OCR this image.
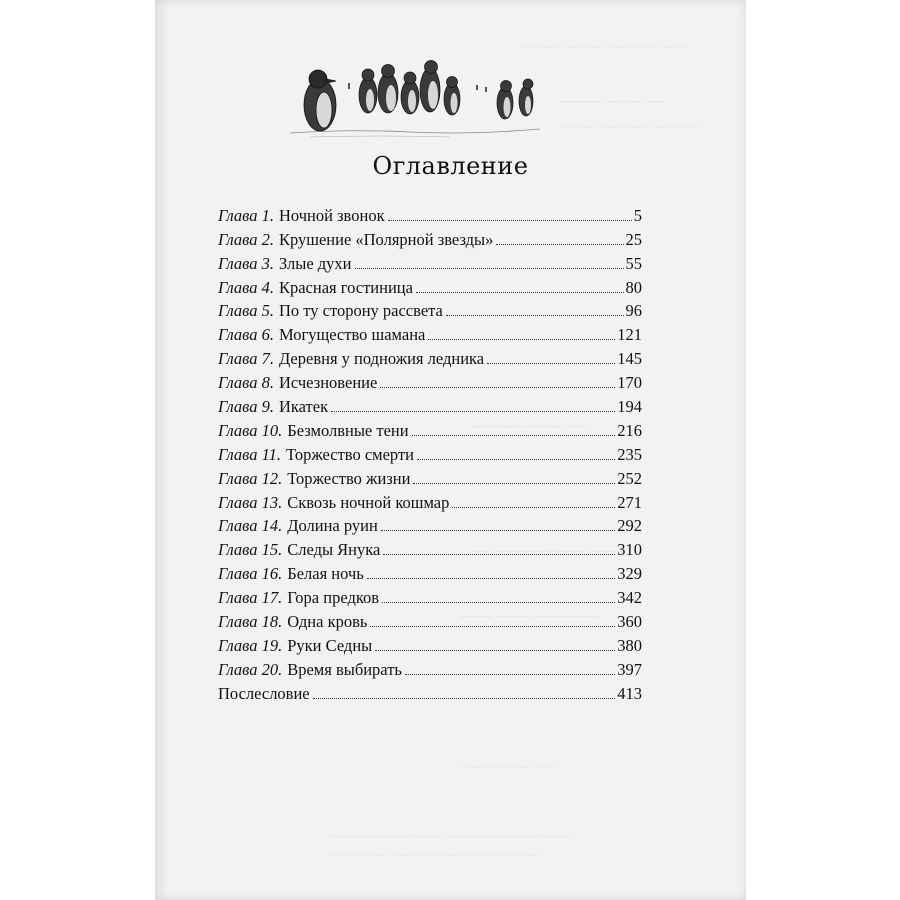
———— ——— ————— ——
———— ——— ——
——— ————— ————
————— ——— ——
—— ————— ——— ———
——— ——— ——————
——— ——— ——
——————— ——— ———————— ———
————— ——— ——————— ———
Оглавление
Глава 1. Ночной звонок	5
Глава 2. Крушение «Полярной звезды»	25
Глава 3. Злые духи	55
Глава 4. Красная гостиница	80
Глава 5. По ту сторону рассвета	96
Глава 6. Могущество шамана	121
Глава 7. Деревня у подножия ледника	145
Глава 8. Исчезновение	170
Глава 9. Икатек	194
Глава 10. Безмолвные тени	216
Глава 11. Торжество смерти	235
Глава 12. Торжество жизни	252
Глава 13. Сквозь ночной кошмар	271
Глава 14. Долина руин	292
Глава 15. Следы Янука	310
Глава 16. Белая ночь	329
Глава 17. Гора предков	342
Глава 18. Одна кровь	360
Глава 19. Руки Седны	380
Глава 20. Время выбирать	397
Послесловие	413
